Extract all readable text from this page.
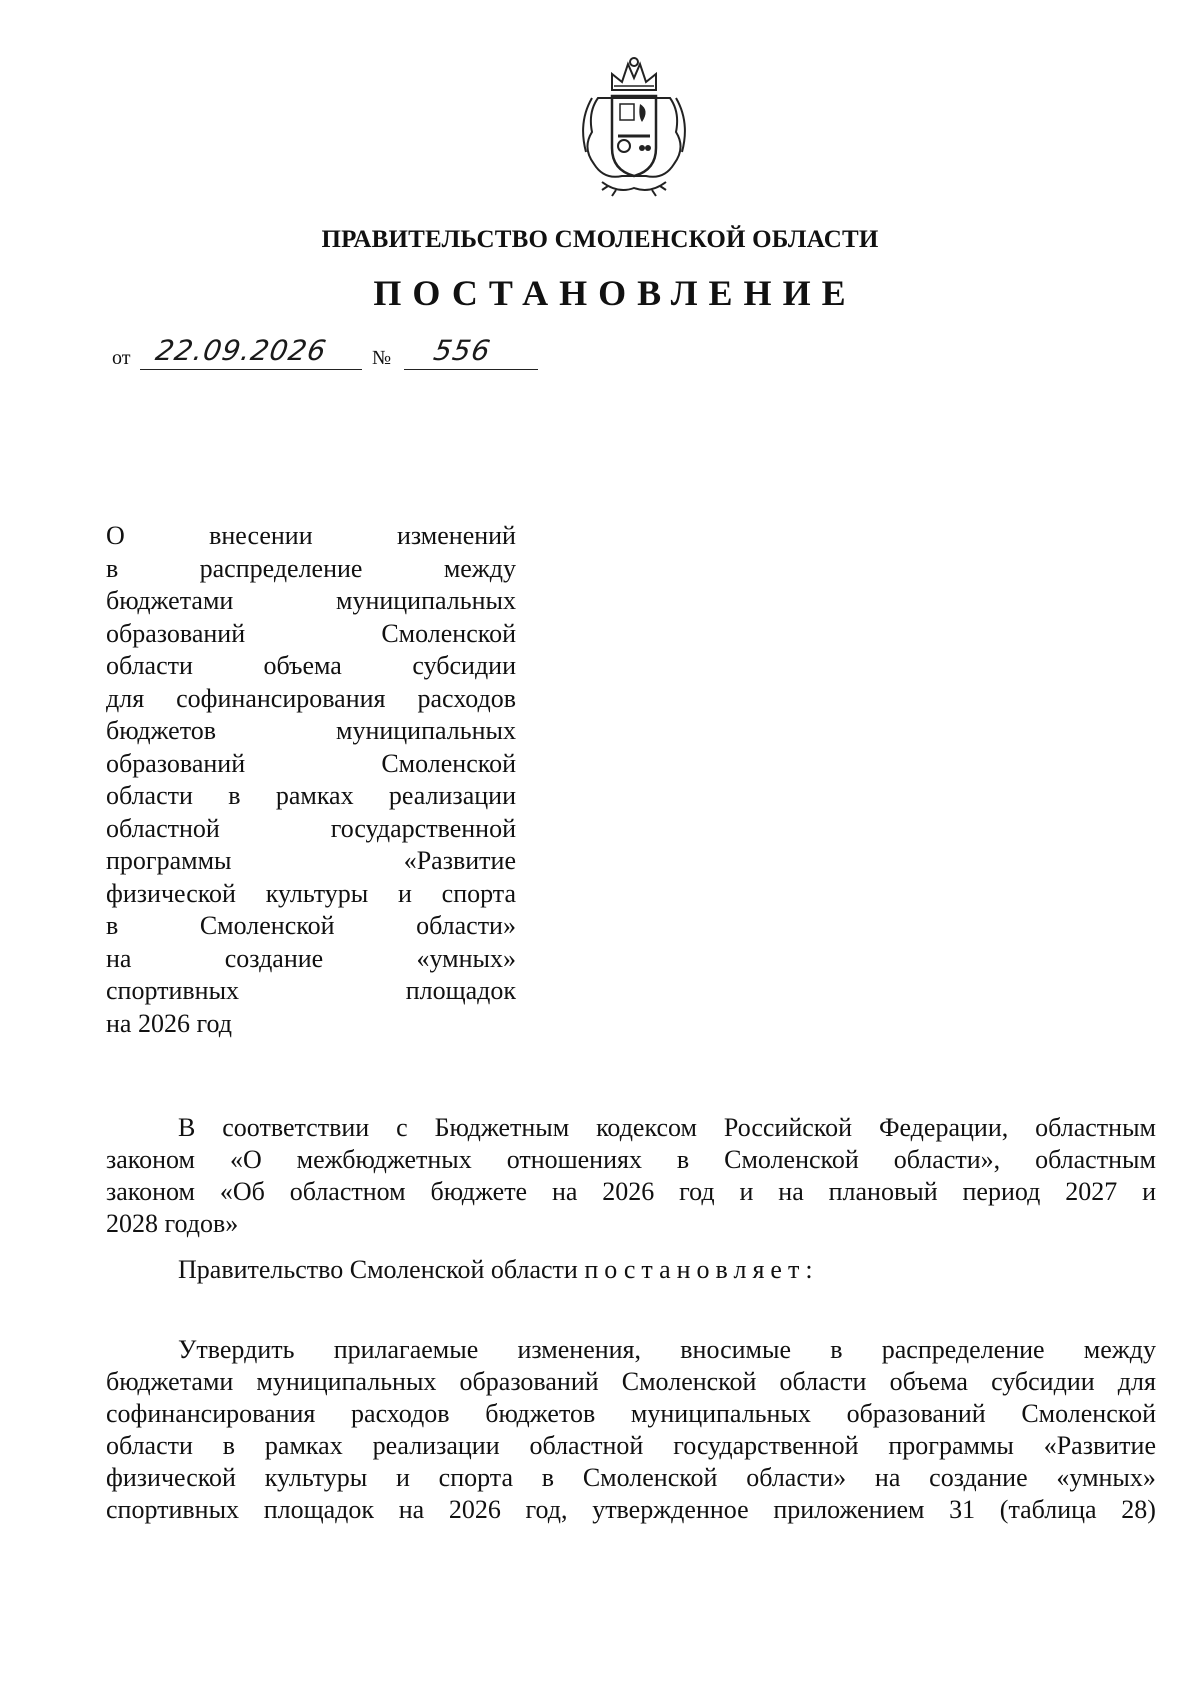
ПРАВИТЕЛЬСТВО СМОЛЕНСКОЙ ОБЛАСТИ
ПОСТАНОВЛЕНИЕ
от 22.09.2026 № 556
О	внесении	изменений
в	распределение	между
бюджетами	муниципальных
образований	Смоленской
области	объема	субсидии
для софинансирования расходов
бюджетов	муниципальных
образований	Смоленской
области в рамках реализации
областной	государственной
программы	«Развитие
физической культуры и спорта
в	Смоленской	области»
на	создание	«умных»
спортивных	площадок
на 2026 год
В соответствии с Бюджетным кодексом Российской Федерации, областным
законом «О межбюджетных отношениях в Смоленской области», областным
законом «Об областном бюджете на 2026 год и на плановый период 2027 и
2028 годов»
Правительство Смоленской области
постановляет:
Утвердить прилагаемые изменения, вносимые в распределение между
бюджетами муниципальных образований Смоленской области объема субсидии для
софинансирования расходов бюджетов муниципальных образований Смоленской
области в рамках реализации областной государственной программы «Развитие
физической культуры и спорта в Смоленской области» на создание «умных»
спортивных площадок на 2026 год, утвержденное приложением 31 (таблица 28)
